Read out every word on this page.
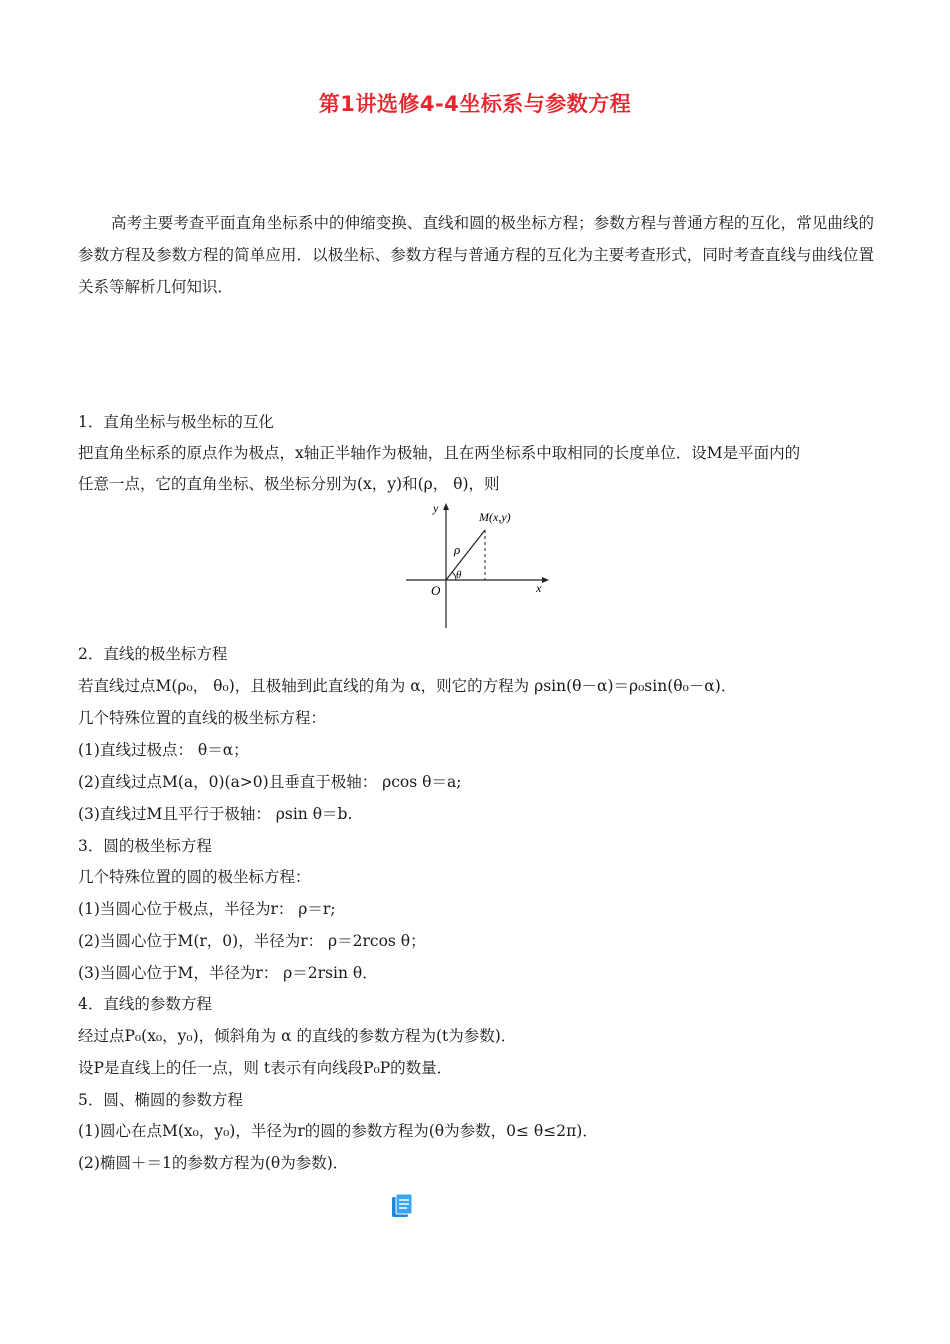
第1讲选修4-4坐标系与参数方程

高考主要考查平面直角坐标系中的伸缩变换、直线和圆的极坐标方程；参数方程与普通方程的互化，常见曲线的参数方程及参数方程的简单应用．以极坐标、参数方程与普通方程的互化为主要考查形式，同时考查直线与曲线位置关系等解析几何知识．

1．直角坐标与极坐标的互化
把直角坐标系的原点作为极点，x轴正半轴作为极轴，且在两坐标系中取相同的长度单位．设M是平面内的
任意一点，它的直角坐标、极坐标分别为(x，y)和(ρ， θ)，则
y
x
O
M(x,y)
ρ
θ
2．直线的极坐标方程
若直线过点M(ρ₀， θ₀)，且极轴到此直线的角为 α，则它的方程为 ρsin(θ－α)＝ρ₀sin(θ₀－α)．
几个特殊位置的直线的极坐标方程：
(1)直线过极点： θ＝α；
(2)直线过点M(a，0)(a>0)且垂直于极轴： ρcos θ＝a;
(3)直线过M且平行于极轴： ρsin θ＝b.
3．圆的极坐标方程
几个特殊位置的圆的极坐标方程：
(1)当圆心位于极点，半径为r： ρ＝r;
(2)当圆心位于M(r，0)，半径为r： ρ＝2rcos θ；
(3)当圆心位于M，半径为r： ρ＝2rsin θ．
4．直线的参数方程
经过点P₀(x₀，y₀)，倾斜角为 α 的直线的参数方程为(t为参数)．
设P是直线上的任一点，则 t表示有向线段P₀P的数量．
5．圆、椭圆的参数方程
(1)圆心在点M(x₀，y₀)，半径为r的圆的参数方程为(θ为参数，0≤ θ≤2π)．
(2)椭圆＋＝1的参数方程为(θ为参数)．
